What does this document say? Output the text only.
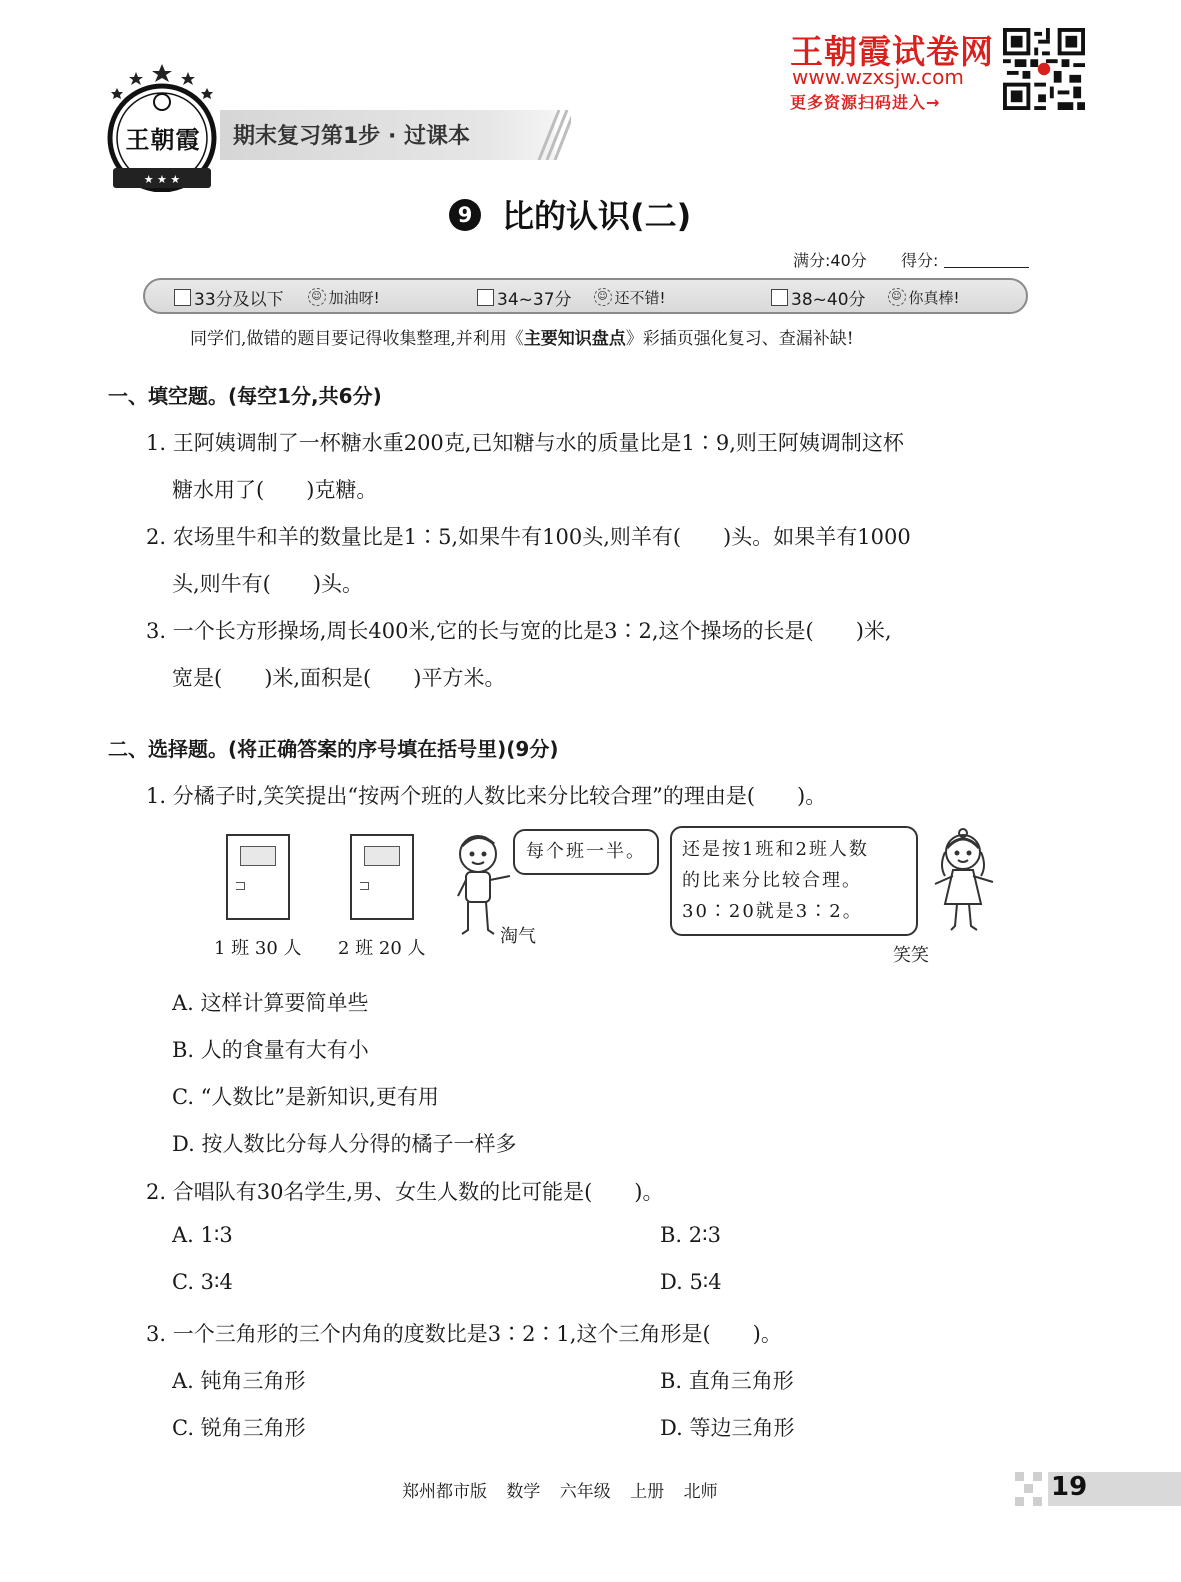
王朝霞试卷网
www.wzxsjw.com
更多资源扫码进入→
★ ★ ★
王朝霞	期末复习第1步 · 过课本
9 比的认识(二)
满分:40分 得分:
33分及以下	☺ 加油呀!	34~37分	☺ 还不错!	38~40分	☺ 你真棒!
同学们,做错的题目要记得收集整理,并利用《主要知识盘点》彩插页强化复习、查漏补缺!
一、填空题。(每空1分,共6分)
1. 王阿姨调制了一杯糖水重200克,已知糖与水的质量比是1∶9,则王阿姨调制这杯
糖水用了(　　)克糖。
2. 农场里牛和羊的数量比是1∶5,如果牛有100头,则羊有(　　)头。如果羊有1000
头,则牛有(　　)头。
3. 一个长方形操场,周长400米,它的长与宽的比是3∶2,这个操场的长是(　　)米,
宽是(　　)米,面积是(　　)平方米。
二、选择题。(将正确答案的序号填在括号里)(9分)
1. 分橘子时,笑笑提出“按两个班的人数比来分比较合理”的理由是(　　)。
1 班 30 人 2 班 20 人
淘气
每个班一半。 还是按1班和2班人数
的比来分比较合理。
30∶20就是3∶2。
笑笑
A. 这样计算要简单些
B. 人的食量有大有小
C. “人数比”是新知识,更有用
D. 按人数比分每人分得的橘子一样多
2. 合唱队有30名学生,男、女生人数的比可能是(　　)。
A. 1∶3	B. 2∶3
C. 3∶4	D. 5∶4
3. 一个三角形的三个内角的度数比是3∶2∶1,这个三角形是(　　)。
A. 钝角三角形	B. 直角三角形
C. 锐角三角形	D. 等边三角形
郑州都市版 数学 六年级 上册 北师	19
